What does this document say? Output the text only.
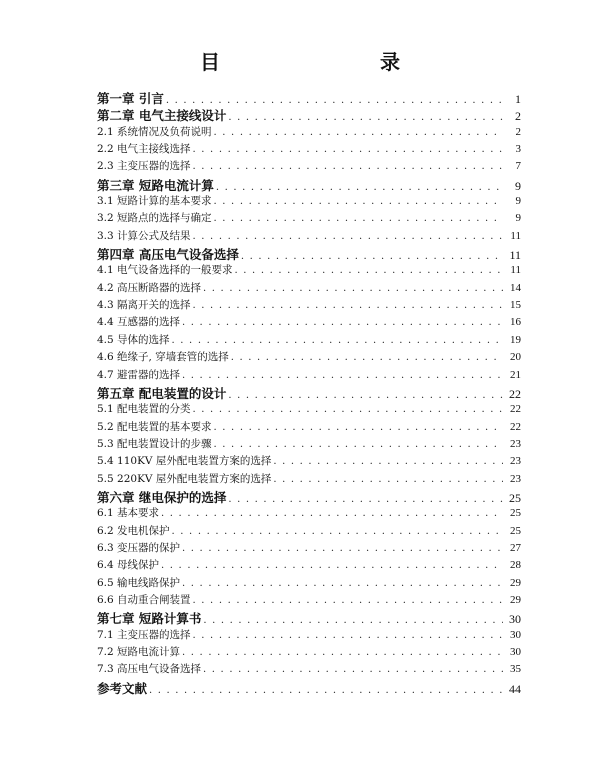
目　　录
第一章 引言 . . .	1
第二章 电气主接线设计 . . .	2
2.1 系统情况及负荷说明 . . .	2
2.2 电气主接线选择 . . .	3
2.3 主变压器的选择 . . .	7
第三章 短路电流计算 . . .	9
3.1 短路计算的基本要求 . . .	9
3.2 短路点的选择与确定 . . .	9
3.3 计算公式及结果 . . .	11
第四章 高压电气设备选择 . . .	11
4.1 电气设备选择的一般要求 . . .	11
4.2 高压断路器的选择 . . .	14
4.3 隔离开关的选择 . . .	15
4.4 互感器的选择 . . .	16
4.5 导体的选择 . . .	19
4.6 绝缘子, 穿墙套管的选择 . . .	20
4.7 避雷器的选择 . . .	21
第五章 配电装置的设计 . . .	22
5.1 配电装置的分类 . . .	22
5.2 配电装置的基本要求 . . .	22
5.3 配电装置设计的步骤 . . .	23
5.4 110KV 屋外配电装置方案的选择 . . .	23
5.5 220KV 屋外配电装置方案的选择 . . .	23
第六章 继电保护的选择 . . .	25
6.1 基本要求 . . .	25
6.2 发电机保护 . . .	25
6.3 变压器的保护 . . .	27
6.4 母线保护 . . .	28
6.5 输电线路保护 . . .	29
6.6 自动重合闸装置 . . .	29
第七章 短路计算书 . . .	30
7.1 主变压器的选择 . . .	30
7.2 短路电流计算 . . .	30
7.3 高压电气设备选择 . . .	35
参考文献 . . .	44
